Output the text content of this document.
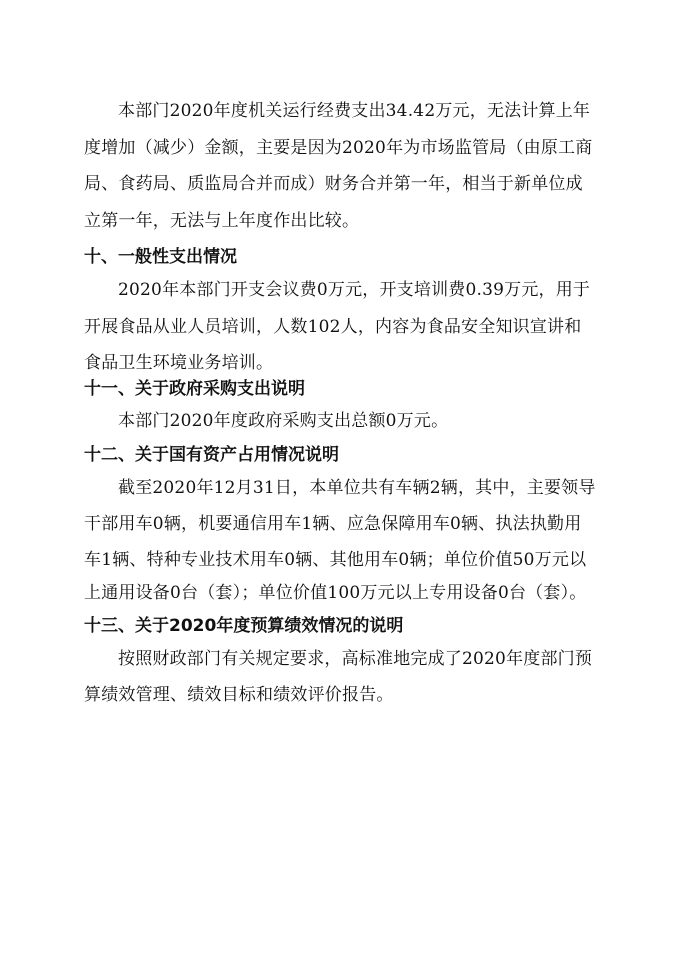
本部门2020年度机关运行经费支出34.42万元，无法计算上年
度增加（减少）金额，主要是因为2020年为市场监管局（由原工商
局、食药局、质监局合并而成）财务合并第一年，相当于新单位成
立第一年，无法与上年度作出比较。
十、一般性支出情况
2020年本部门开支会议费0万元，开支培训费0.39万元，用于
开展食品从业人员培训，人数102人，内容为食品安全知识宣讲和
食品卫生环境业务培训。
十一、关于政府采购支出说明
本部门2020年度政府采购支出总额0万元。
十二、关于国有资产占用情况说明
截至2020年12月31日，本单位共有车辆2辆，其中，主要领导
干部用车0辆，机要通信用车1辆、应急保障用车0辆、执法执勤用
车1辆、特种专业技术用车0辆、其他用车0辆；单位价值50万元以
上通用设备0台（套）；单位价值100万元以上专用设备0台（套）。
十三、关于2020年度预算绩效情况的说明
按照财政部门有关规定要求，高标准地完成了2020年度部门预
算绩效管理、绩效目标和绩效评价报告。
